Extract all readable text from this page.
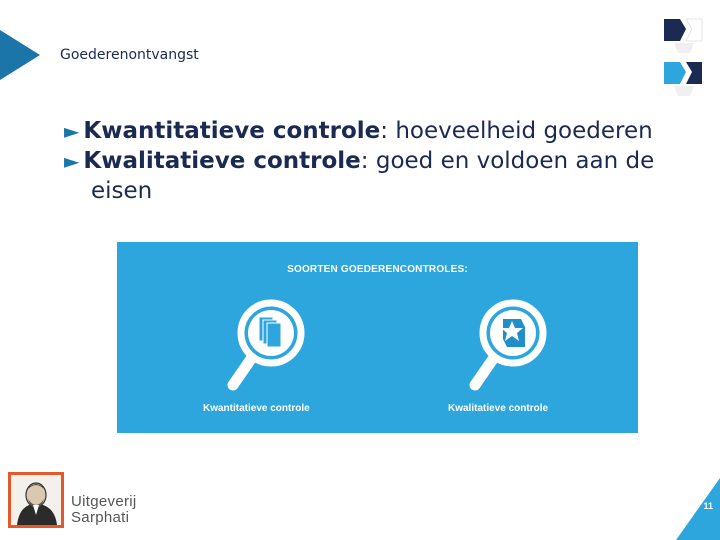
Goederenontvangst
► Kwantitatieve controle: hoeveelheid goederen
► Kwalitatieve controle: goed en voldoen aan de
eisen
SOORTEN GOEDERENCONTROLES:
Kwantitatieve controle	Kwalitatieve controle
Uitgeverij
Sarphati
11
